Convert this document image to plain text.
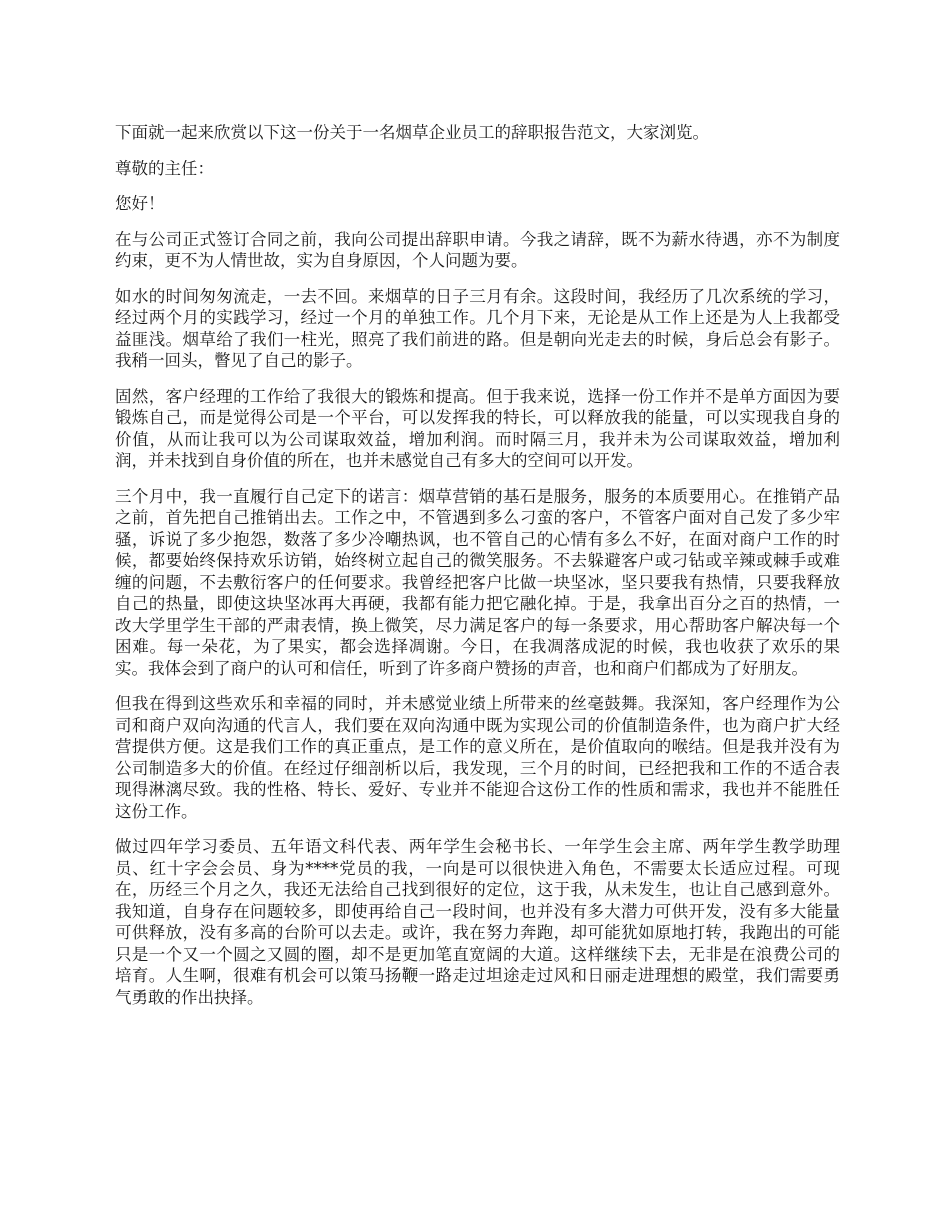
下面就一起来欣赏以下这一份关于一名烟草企业员工的辞职报告范文，大家浏览。

尊敬的主任：

您好！

在与公司正式签订合同之前，我向公司提出辞职申请。今我之请辞，既不为薪水待遇，亦不为制度约束，更不为人情世故，实为自身原因，个人问题为要。

如水的时间匆匆流走，一去不回。来烟草的日子三月有余。这段时间，我经历了几次系统的学习，经过两个月的实践学习，经过一个月的单独工作。几个月下来，无论是从工作上还是为人上我都受益匪浅。烟草给了我们一柱光，照亮了我们前进的路。但是朝向光走去的时候，身后总会有影子。我稍一回头，瞥见了自己的影子。

固然，客户经理的工作给了我很大的锻炼和提高。但于我来说，选择一份工作并不是单方面因为要锻炼自己，而是觉得公司是一个平台，可以发挥我的特长，可以释放我的能量，可以实现我自身的价值，从而让我可以为公司谋取效益，增加利润。而时隔三月，我并未为公司谋取效益，增加利润，并未找到自身价值的所在，也并未感觉自己有多大的空间可以开发。

三个月中，我一直履行自己定下的诺言：烟草营销的基石是服务，服务的本质要用心。在推销产品之前，首先把自己推销出去。工作之中，不管遇到多么刁蛮的客户，不管客户面对自己发了多少牢骚，诉说了多少抱怨，数落了多少冷嘲热讽，也不管自己的心情有多么不好，在面对商户工作的时候，都要始终保持欢乐访销，始终树立起自己的微笑服务。不去躲避客户或刁钻或辛辣或棘手或难缠的问题，不去敷衍客户的任何要求。我曾经把客户比做一块坚冰，坚只要我有热情，只要我释放自己的热量，即使这块坚冰再大再硬，我都有能力把它融化掉。于是，我拿出百分之百的热情，一改大学里学生干部的严肃表情，换上微笑，尽力满足客户的每一条要求，用心帮助客户解决每一个困难。每一朵花，为了果实，都会选择凋谢。今日，在我凋落成泥的时候，我也收获了欢乐的果实。我体会到了商户的认可和信任，听到了许多商户赞扬的声音，也和商户们都成为了好朋友。

但我在得到这些欢乐和幸福的同时，并未感觉业绩上所带来的丝毫鼓舞。我深知，客户经理作为公司和商户双向沟通的代言人，我们要在双向沟通中既为实现公司的价值制造条件，也为商户扩大经营提供方便。这是我们工作的真正重点，是工作的意义所在，是价值取向的喉结。但是我并没有为公司制造多大的价值。在经过仔细剖析以后，我发现，三个月的时间，已经把我和工作的不适合表现得淋漓尽致。我的性格、特长、爱好、专业并不能迎合这份工作的性质和需求，我也并不能胜任这份工作。

做过四年学习委员、五年语文科代表、两年学生会秘书长、一年学生会主席、两年学生教学助理员、红十字会会员、身为****党员的我，一向是可以很快进入角色，不需要太长适应过程。可现在，历经三个月之久，我还无法给自己找到很好的定位，这于我，从未发生，也让自己感到意外。我知道，自身存在问题较多，即使再给自己一段时间，也并没有多大潜力可供开发，没有多大能量可供释放，没有多高的台阶可以去走。或许，我在努力奔跑，却可能犹如原地打转，我跑出的可能只是一个又一个圆之又圆的圈，却不是更加笔直宽阔的大道。这样继续下去，无非是在浪费公司的培育。人生啊，很难有机会可以策马扬鞭一路走过坦途走过风和日丽走进理想的殿堂，我们需要勇气勇敢的作出抉择。
